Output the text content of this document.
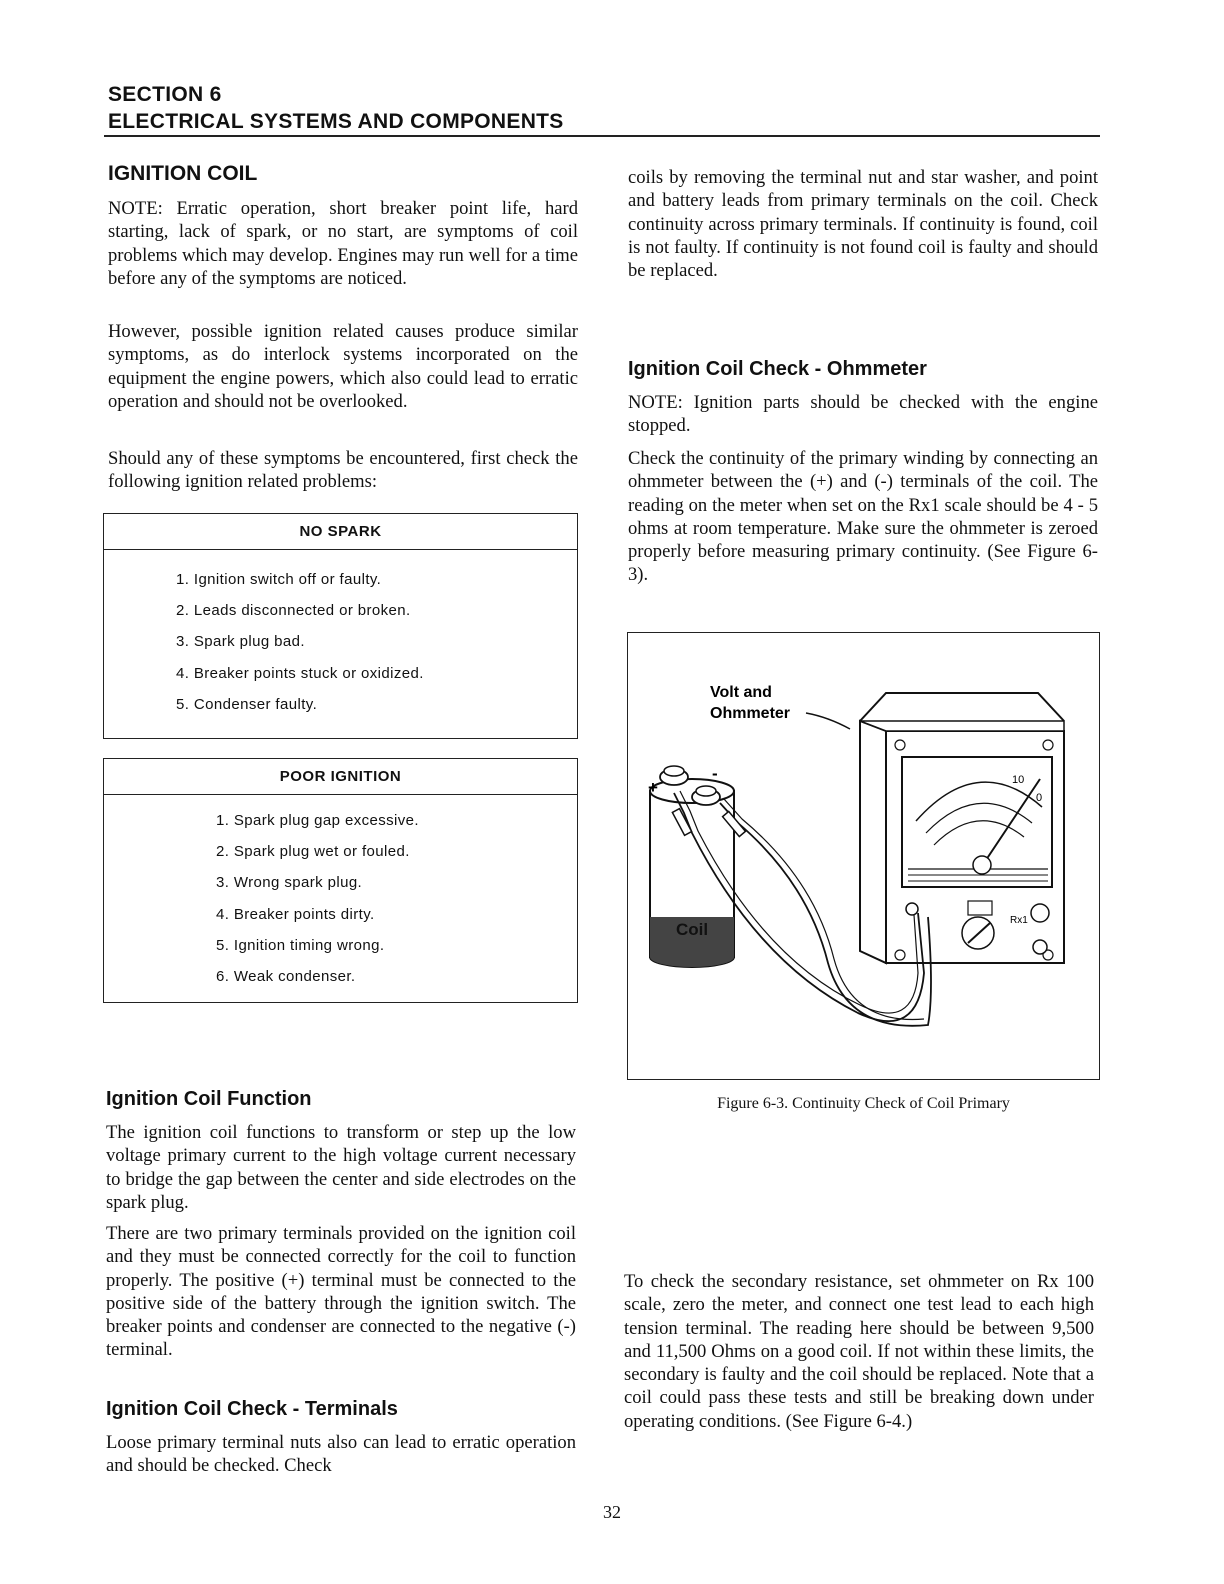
SECTION 6
ELECTRICAL SYSTEMS AND COMPONENTS
IGNITION COIL

NOTE: Erratic operation, short breaker point life, hard starting, lack of spark, or no start, are symptoms of coil problems which may develop. Engines may run well for a time before any of the symptoms are noticed.

However, possible ignition related causes produce similar symptoms, as do interlock systems incorporated on the equipment the engine powers, which also could lead to erratic operation and should not be overlooked.

Should any of these symptoms be encountered, first check the following ignition related problems:

NO SPARK
1. Ignition switch off or faulty.
2. Leads disconnected or broken.
3. Spark plug bad.
4. Breaker points stuck or oxidized.
5. Condenser faulty.
POOR IGNITION
1. Spark plug gap excessive.
2. Spark plug wet or fouled.
3. Wrong spark plug.
4. Breaker points dirty.
5. Ignition timing wrong.
6. Weak condenser.
Ignition Coil Function

The ignition coil functions to transform or step up the low voltage primary current to the high voltage current necessary to bridge the gap between the center and side electrodes on the spark plug.

There are two primary terminals provided on the ignition coil and they must be connected correctly for the coil to function properly. The positive (+) terminal must be connected to the positive side of the battery through the ignition switch. The breaker points and condenser are connected to the negative (-) terminal.

Ignition Coil Check - Terminals

Loose primary terminal nuts also can lead to erratic operation and should be checked. Check

coils by removing the terminal nut and star washer, and point and battery leads from primary terminals on the coil. Check continuity across primary terminals. If continuity is found, coil is not faulty. If continuity is not found coil is faulty and should be replaced.

Ignition Coil Check - Ohmmeter

NOTE: Ignition parts should be checked with the engine stopped.

Check the continuity of the primary winding by connecting an ohmmeter between the (+) and (-) terminals of the coil. The reading on the meter when set on the Rx1 scale should be 4 - 5 ohms at room temperature. Make sure the ohmmeter is zeroed properly before measuring primary continuity. (See Figure 6-3).

Volt and
Ohmmeter
10
0
Rx1
Coil
+
-
Figure 6-3. Continuity Check of Coil Primary

To check the secondary resistance, set ohmmeter on Rx 100 scale, zero the meter, and connect one test lead to each high tension terminal. The reading here should be between 9,500 and 11,500 Ohms on a good coil. If not within these limits, the secondary is faulty and the coil should be replaced. Note that a coil could pass these tests and still be breaking down under operating conditions. (See Figure 6-4.)

32
